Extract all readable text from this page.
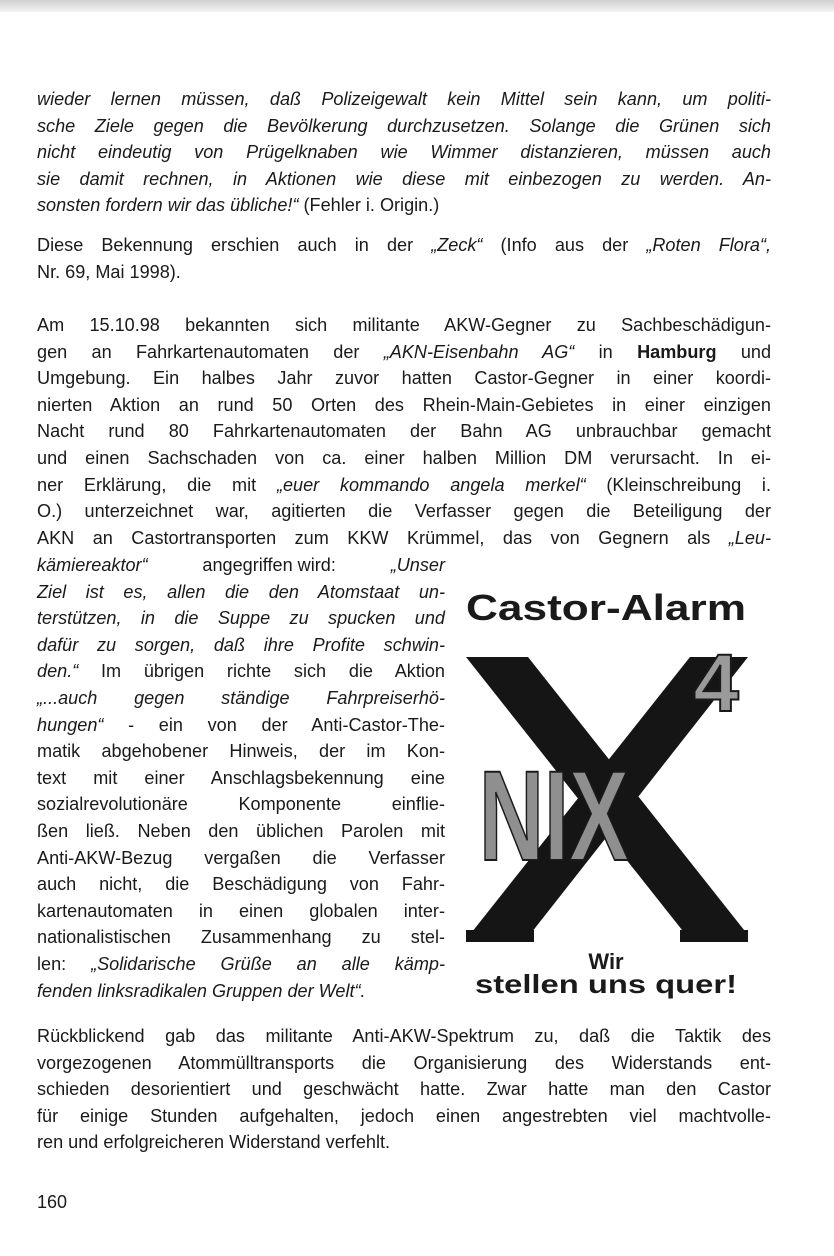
wieder lernen müssen, daß Polizeigewalt kein Mittel sein kann, um politi-
sche Ziele gegen die Bevölkerung durchzusetzen. Solange die Grünen sich
nicht eindeutig von Prügelknaben wie Wimmer distanzieren, müssen auch
sie damit rechnen, in Aktionen wie diese mit einbezogen zu werden. An-
sonsten fordern wir das übliche!“ (Fehler i. Origin.)
Diese Bekennung erschien auch in der „Zeck“ (Info aus der „Roten Flora“,
Nr. 69, Mai 1998).
Am 15.10.98 bekannten sich militante AKW-Gegner zu Sachbeschädigun-
gen an Fahrkartenautomaten der „AKN-Eisenbahn AG“ in Hamburg und
Umgebung. Ein halbes Jahr zuvor hatten Castor-Gegner in einer koordi-
nierten Aktion an rund 50 Orten des Rhein-Main-Gebietes in einer einzigen
Nacht rund 80 Fahrkartenautomaten der Bahn AG unbrauchbar gemacht
und einen Sachschaden von ca. einer halben Million DM verursacht. In ei-
ner Erklärung, die mit „euer kommando angela merkel“ (Kleinschreibung i.
O.) unterzeichnet war, agitierten die Verfasser gegen die Beteiligung der
AKN an Castortransporten zum KKW Krümmel, das von Gegnern als „Leu-
kämiereaktor“	angegriffen wird:	„Unser
Ziel ist es, allen die den Atomstaat un-
terstützen, in die Suppe zu spucken und
dafür zu sorgen, daß ihre Profite schwin-
den.“ Im übrigen richte sich die Aktion
„...auch gegen ständige Fahrpreiserhö-
hungen“ - ein von der Anti-Castor-The-
matik abgehobener Hinweis, der im Kon-
text mit einer Anschlagsbekennung eine
sozialrevolutionäre Komponente einflie-
ßen ließ. Neben den üblichen Parolen mit
Anti-AKW-Bezug vergaßen die Verfasser
auch nicht, die Beschädigung von Fahr-
kartenautomaten in einen globalen inter-
nationalistischen Zusammenhang zu stel-
len: „Solidarische Grüße an alle kämp-
fenden linksradikalen Gruppen der Welt“.
Castor-Alarm
4
NIX
Wir
stellen uns quer!
Rückblickend gab das militante Anti-AKW-Spektrum zu, daß die Taktik des
vorgezogenen Atommülltransports die Organisierung des Widerstands ent-
schieden desorientiert und geschwächt hatte. Zwar hatte man den Castor
für einige Stunden aufgehalten, jedoch einen angestrebten viel machtvolle-
ren und erfolgreicheren Widerstand verfehlt.
160
